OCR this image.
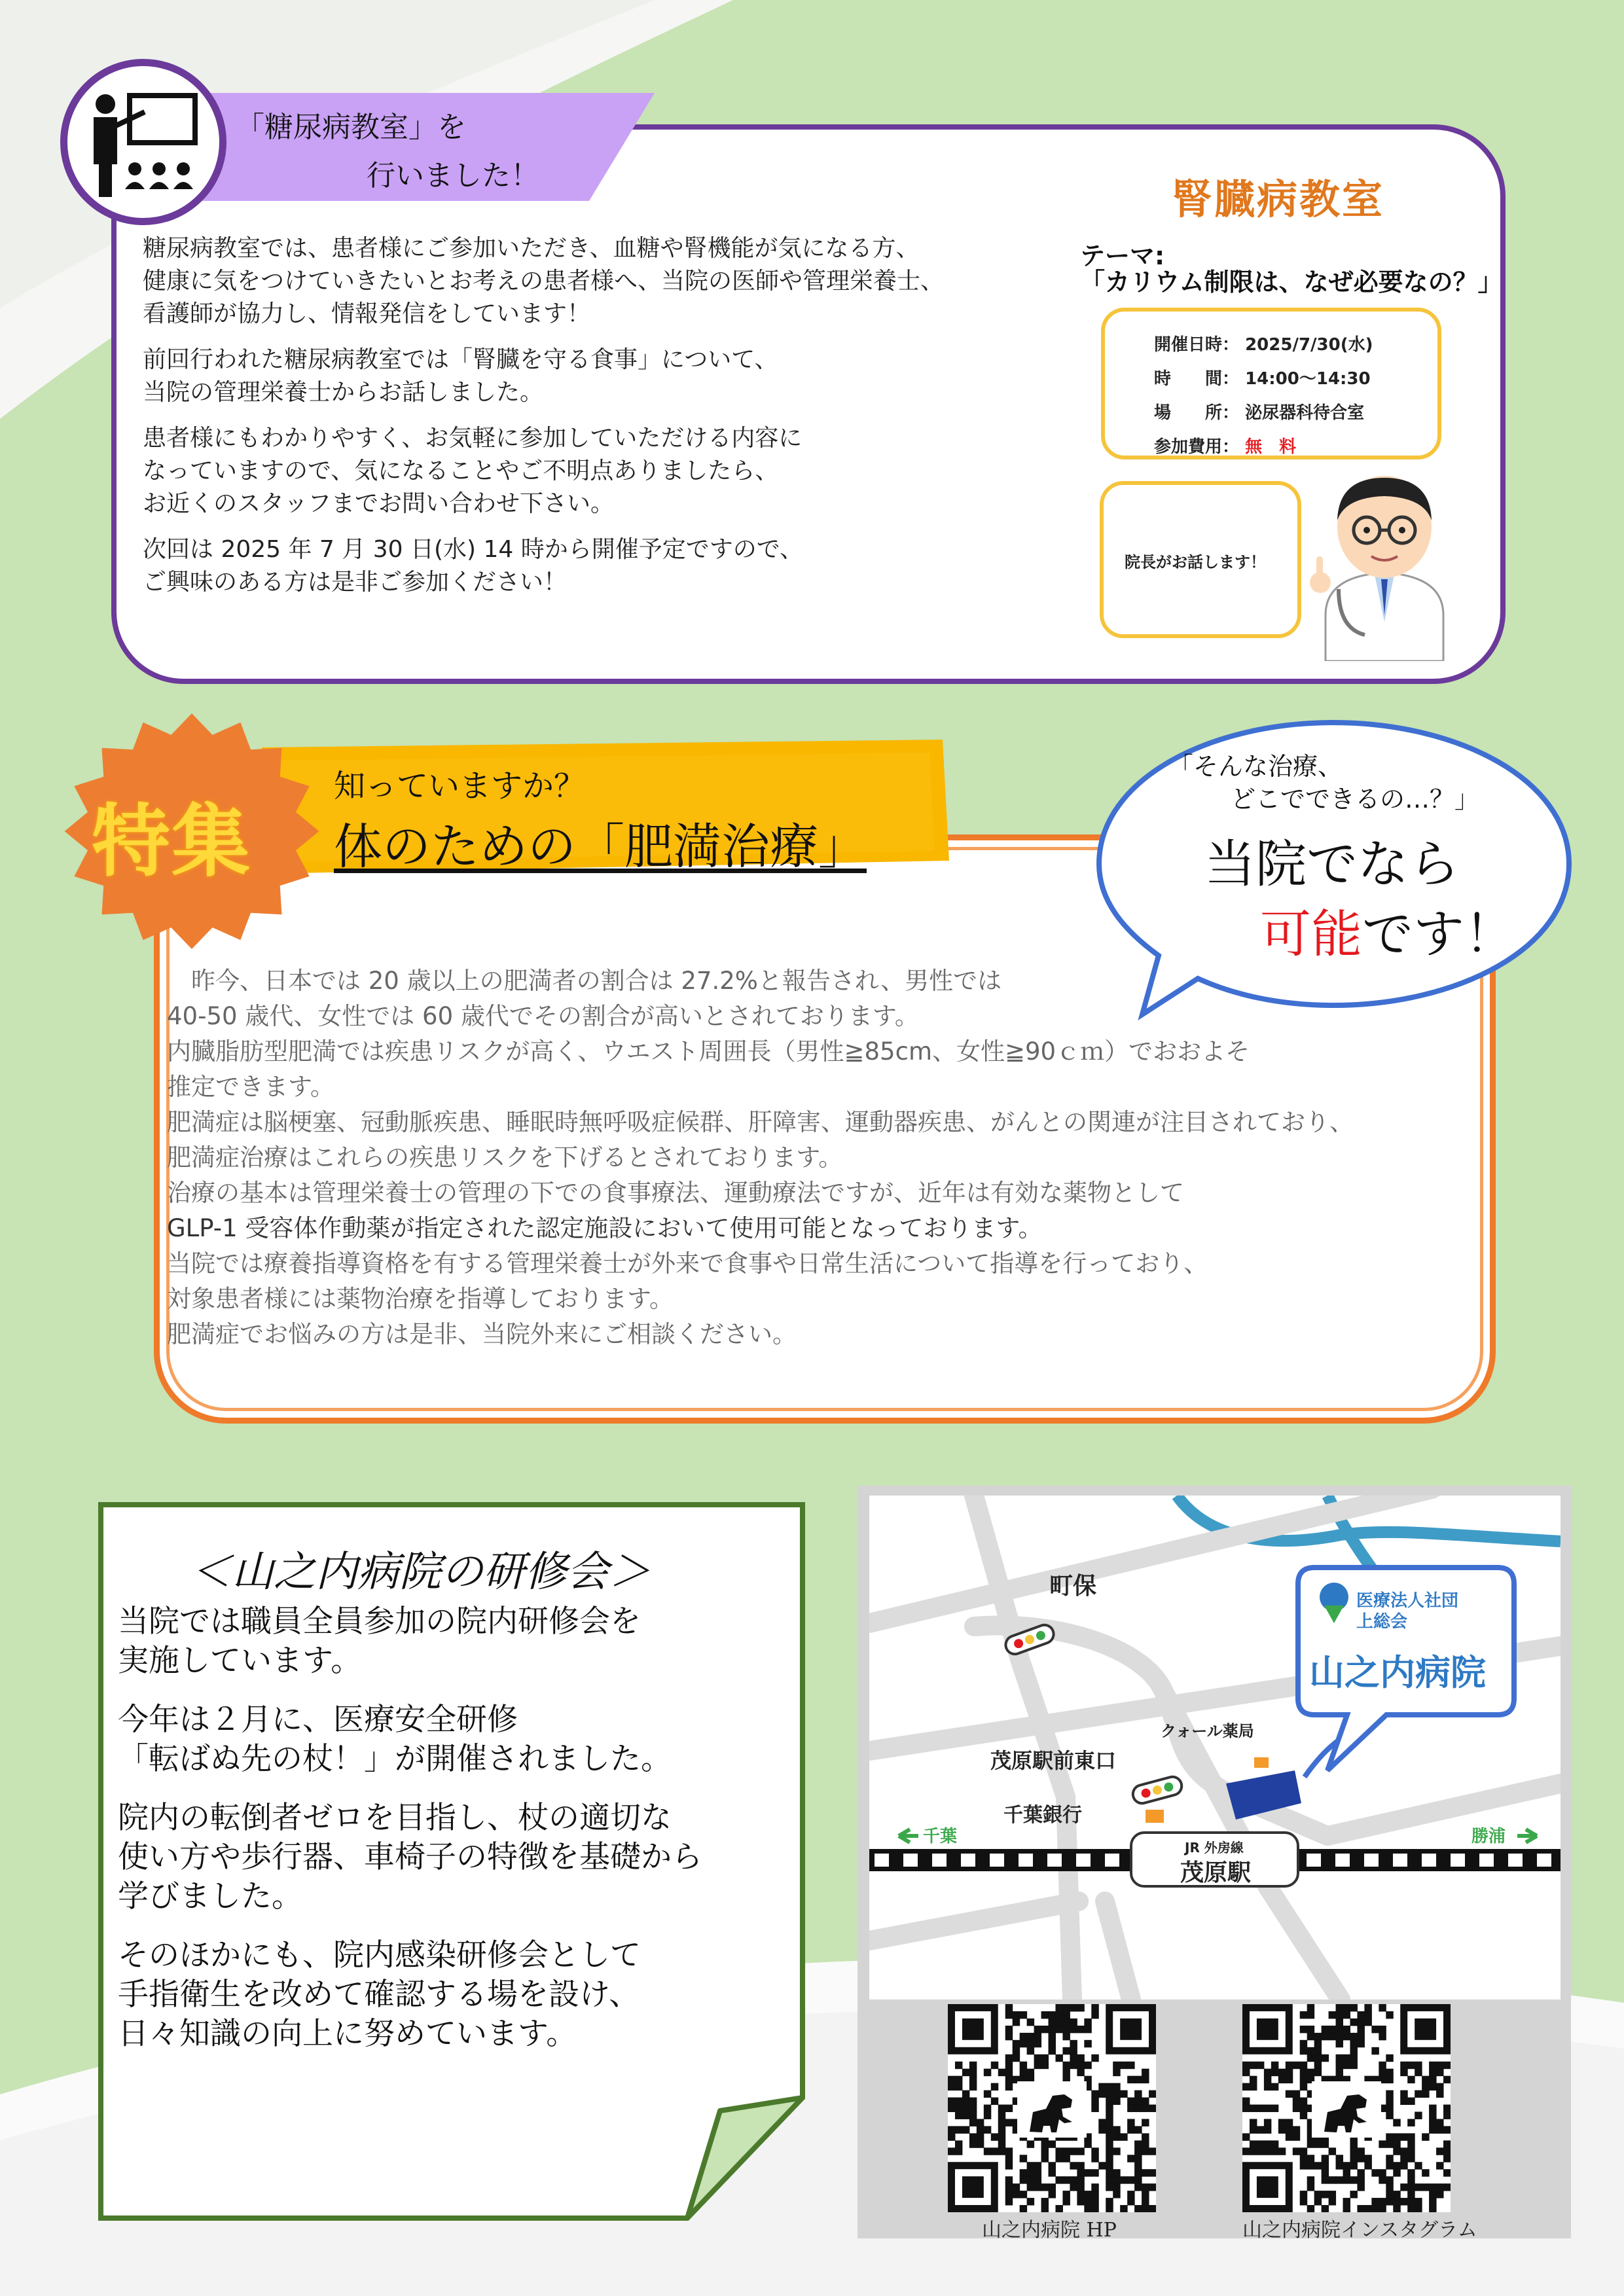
「糖尿病教室」を
行いました！

糖尿病教室では、患者様にご参加いただき、血糖や腎機能が気になる方、
健康に気をつけていきたいとお考えの患者様へ、当院の医師や管理栄養士、
看護師が協力し、情報発信をしています！

前回行われた糖尿病教室では「腎臓を守る食事」について、
当院の管理栄養士からお話しました。

患者様にもわかりやすく、お気軽に参加していただける内容に
なっていますので、気になることやご不明点ありましたら、
お近くのスタッフまでお問い合わせ下さい。

次回は 2025 年 7 月 30 日(水) 14 時から開催予定ですので、
ご興味のある方は是非ご参加ください！

腎臓病教室
テーマ:
「カリウム制限は、なぜ必要なの？」
開催日時： 2025/7/30(水)
時　　間： 14:00～14:30
場　　所： 泌尿器科待合室
参加費用： 無　料
院長がお話します！
特集
知っていますか？
体のための「肥満治療」
「そんな治療、
どこでできるの…？」
当院でなら
可能です！
　昨今、日本では 20 歳以上の肥満者の割合は 27.2%と報告され、男性では
40-50 歳代、女性では 60 歳代でその割合が高いとされております。
内臓脂肪型肥満では疾患リスクが高く、ウエスト周囲長（男性≧85cm、女性≧90ｃｍ）でおおよそ
推定できます。
肥満症は脳梗塞、冠動脈疾患、睡眠時無呼吸症候群、肝障害、運動器疾患、がんとの関連が注目されており、
肥満症治療はこれらの疾患リスクを下げるとされております。
治療の基本は管理栄養士の管理の下での食事療法、運動療法ですが、近年は有効な薬物として
GLP-1 受容体作動薬が指定された認定施設において使用可能となっております。
当院では療養指導資格を有する管理栄養士が外来で食事や日常生活について指導を行っており、
対象患者様には薬物治療を指導しております。
肥満症でお悩みの方は是非、当院外来にご相談ください。
＜山之内病院の研修会＞

当院では職員全員参加の院内研修会を
実施しています。

今年は２月に、医療安全研修
「転ばぬ先の杖！」が開催されました。

院内の転倒者ゼロを目指し、杖の適切な
使い方や歩行器、車椅子の特徴を基礎から
学びました。

そのほかにも、院内感染研修会として
手指衛生を改めて確認する場を設け、
日々知識の向上に努めています。

町保
クォール薬局
茂原駅前東口
千葉銀行
千葉	勝浦
JR 外房線
茂原駅
医療法人社団
上総会
山之内病院
山之内病院 HP	山之内病院インスタグラム
